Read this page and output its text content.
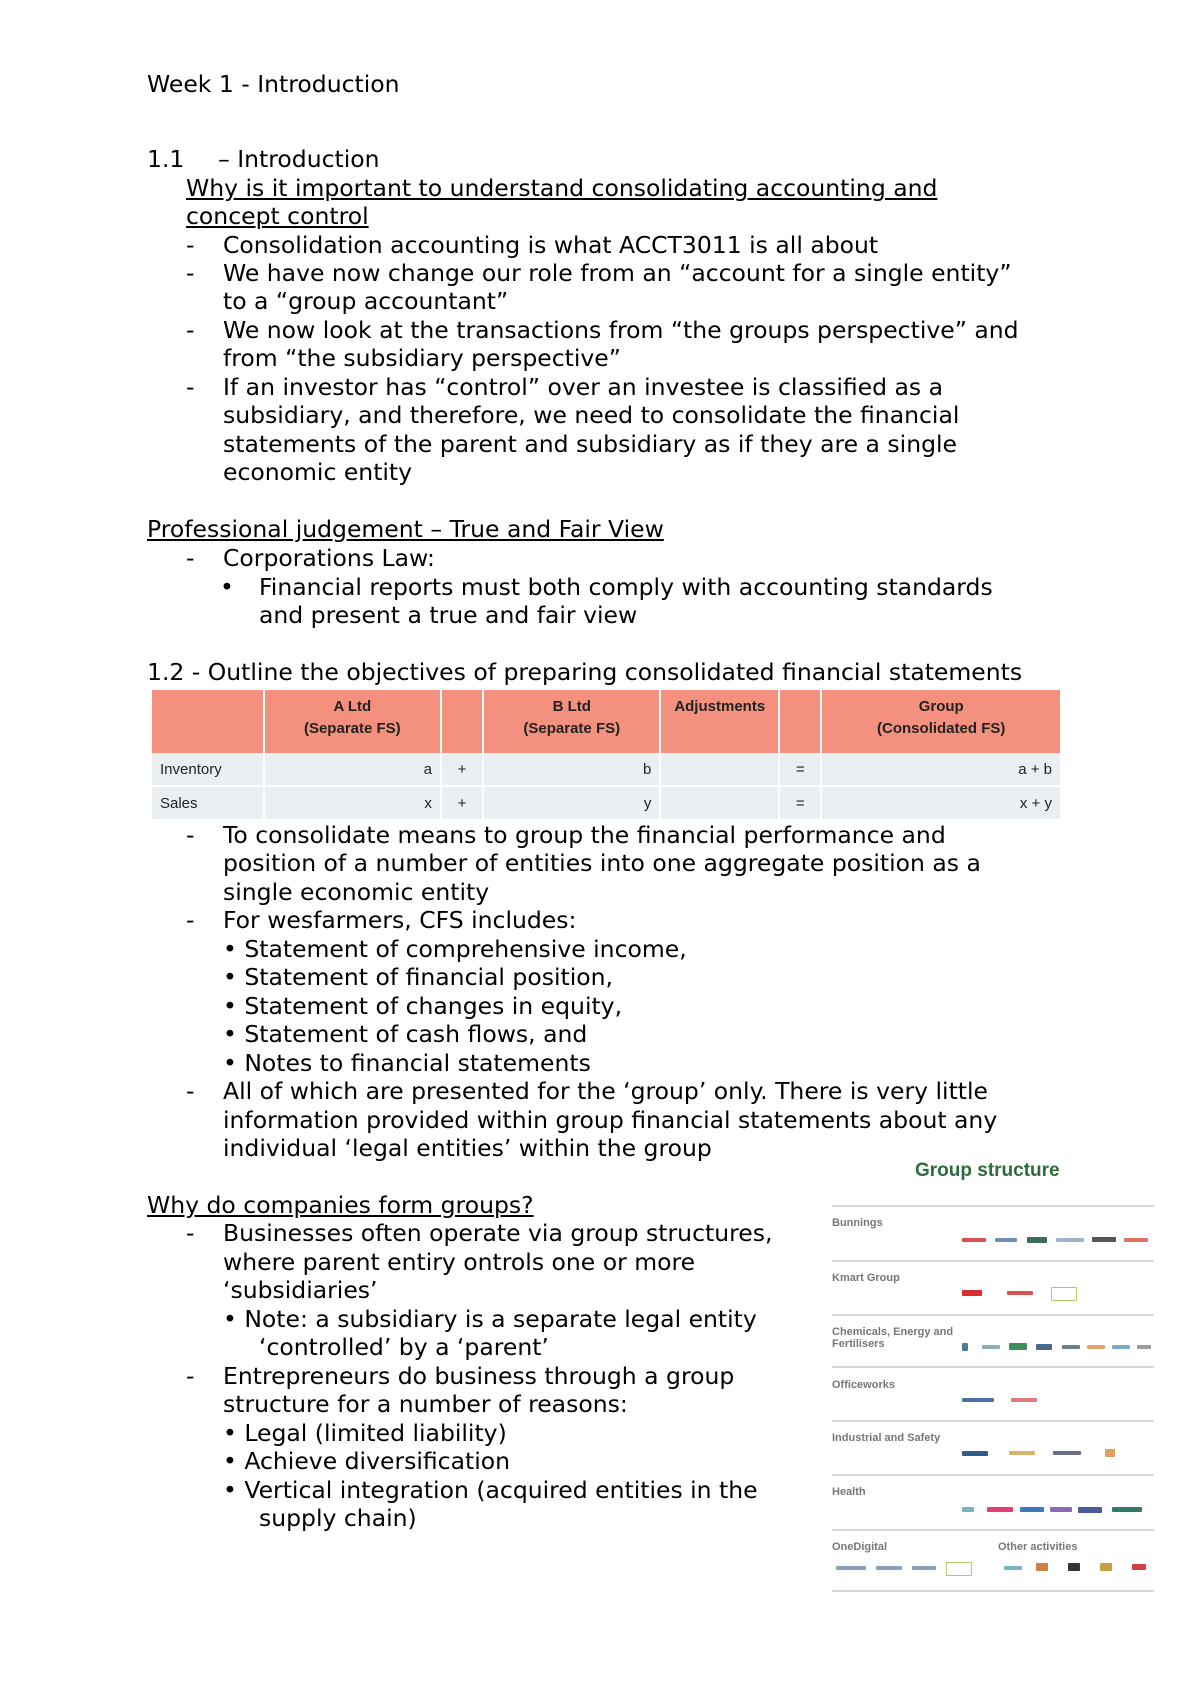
Week 1 - Introduction
1.1 – Introduction
Why is it important to understand consolidating accounting and
concept control
-	Consolidation accounting is what ACCT3011 is all about
-	We have now change our role from an “account for a single entity”
to a “group accountant”
-	We now look at the transactions from “the groups perspective” and
from “the subsidiary perspective”
-	If an investor has “control” over an investee is classified as a
subsidiary, and therefore, we need to consolidate the financial
statements of the parent and subsidiary as if they are a single
economic entity
Professional judgement – True and Fair View
-	Corporations Law:
• Financial reports must both comply with accounting standards
and present a true and fair view
1.2 - Outline the objectives of preparing consolidated financial statements
	A Ltd
(Separate FS)		B Ltd
(Separate FS)	Adjustments		Group
(Consolidated FS)
Inventory	a	+	b		=	a + b
Sales	x	+	y		=	x + y
-	To consolidate means to group the financial performance and
position of a number of entities into one aggregate position as a
single economic entity
-	For wesfarmers, CFS includes:
• Statement of comprehensive income,
• Statement of financial position,
• Statement of changes in equity,
• Statement of cash flows, and
• Notes to financial statements
-	All of which are presented for the ‘group’ only. There is very little
information provided within group financial statements about any
individual ‘legal entities’ within the group
Why do companies form groups?
-	Businesses often operate via group structures,
where parent entiry ontrols one or more
‘subsidiaries’
• Note: a subsidiary is a separate legal entity
‘controlled’ by a ‘parent’
-	Entrepreneurs do business through a group
structure for a number of reasons:
• Legal (limited liability)
• Achieve diversification
• Vertical integration (acquired entities in the
supply chain)
Group structure
Bunnings
Kmart Group
Chemicals, Energy and Fertilisers
Officeworks
Industrial and Safety
Health
OneDigital	Other activities
